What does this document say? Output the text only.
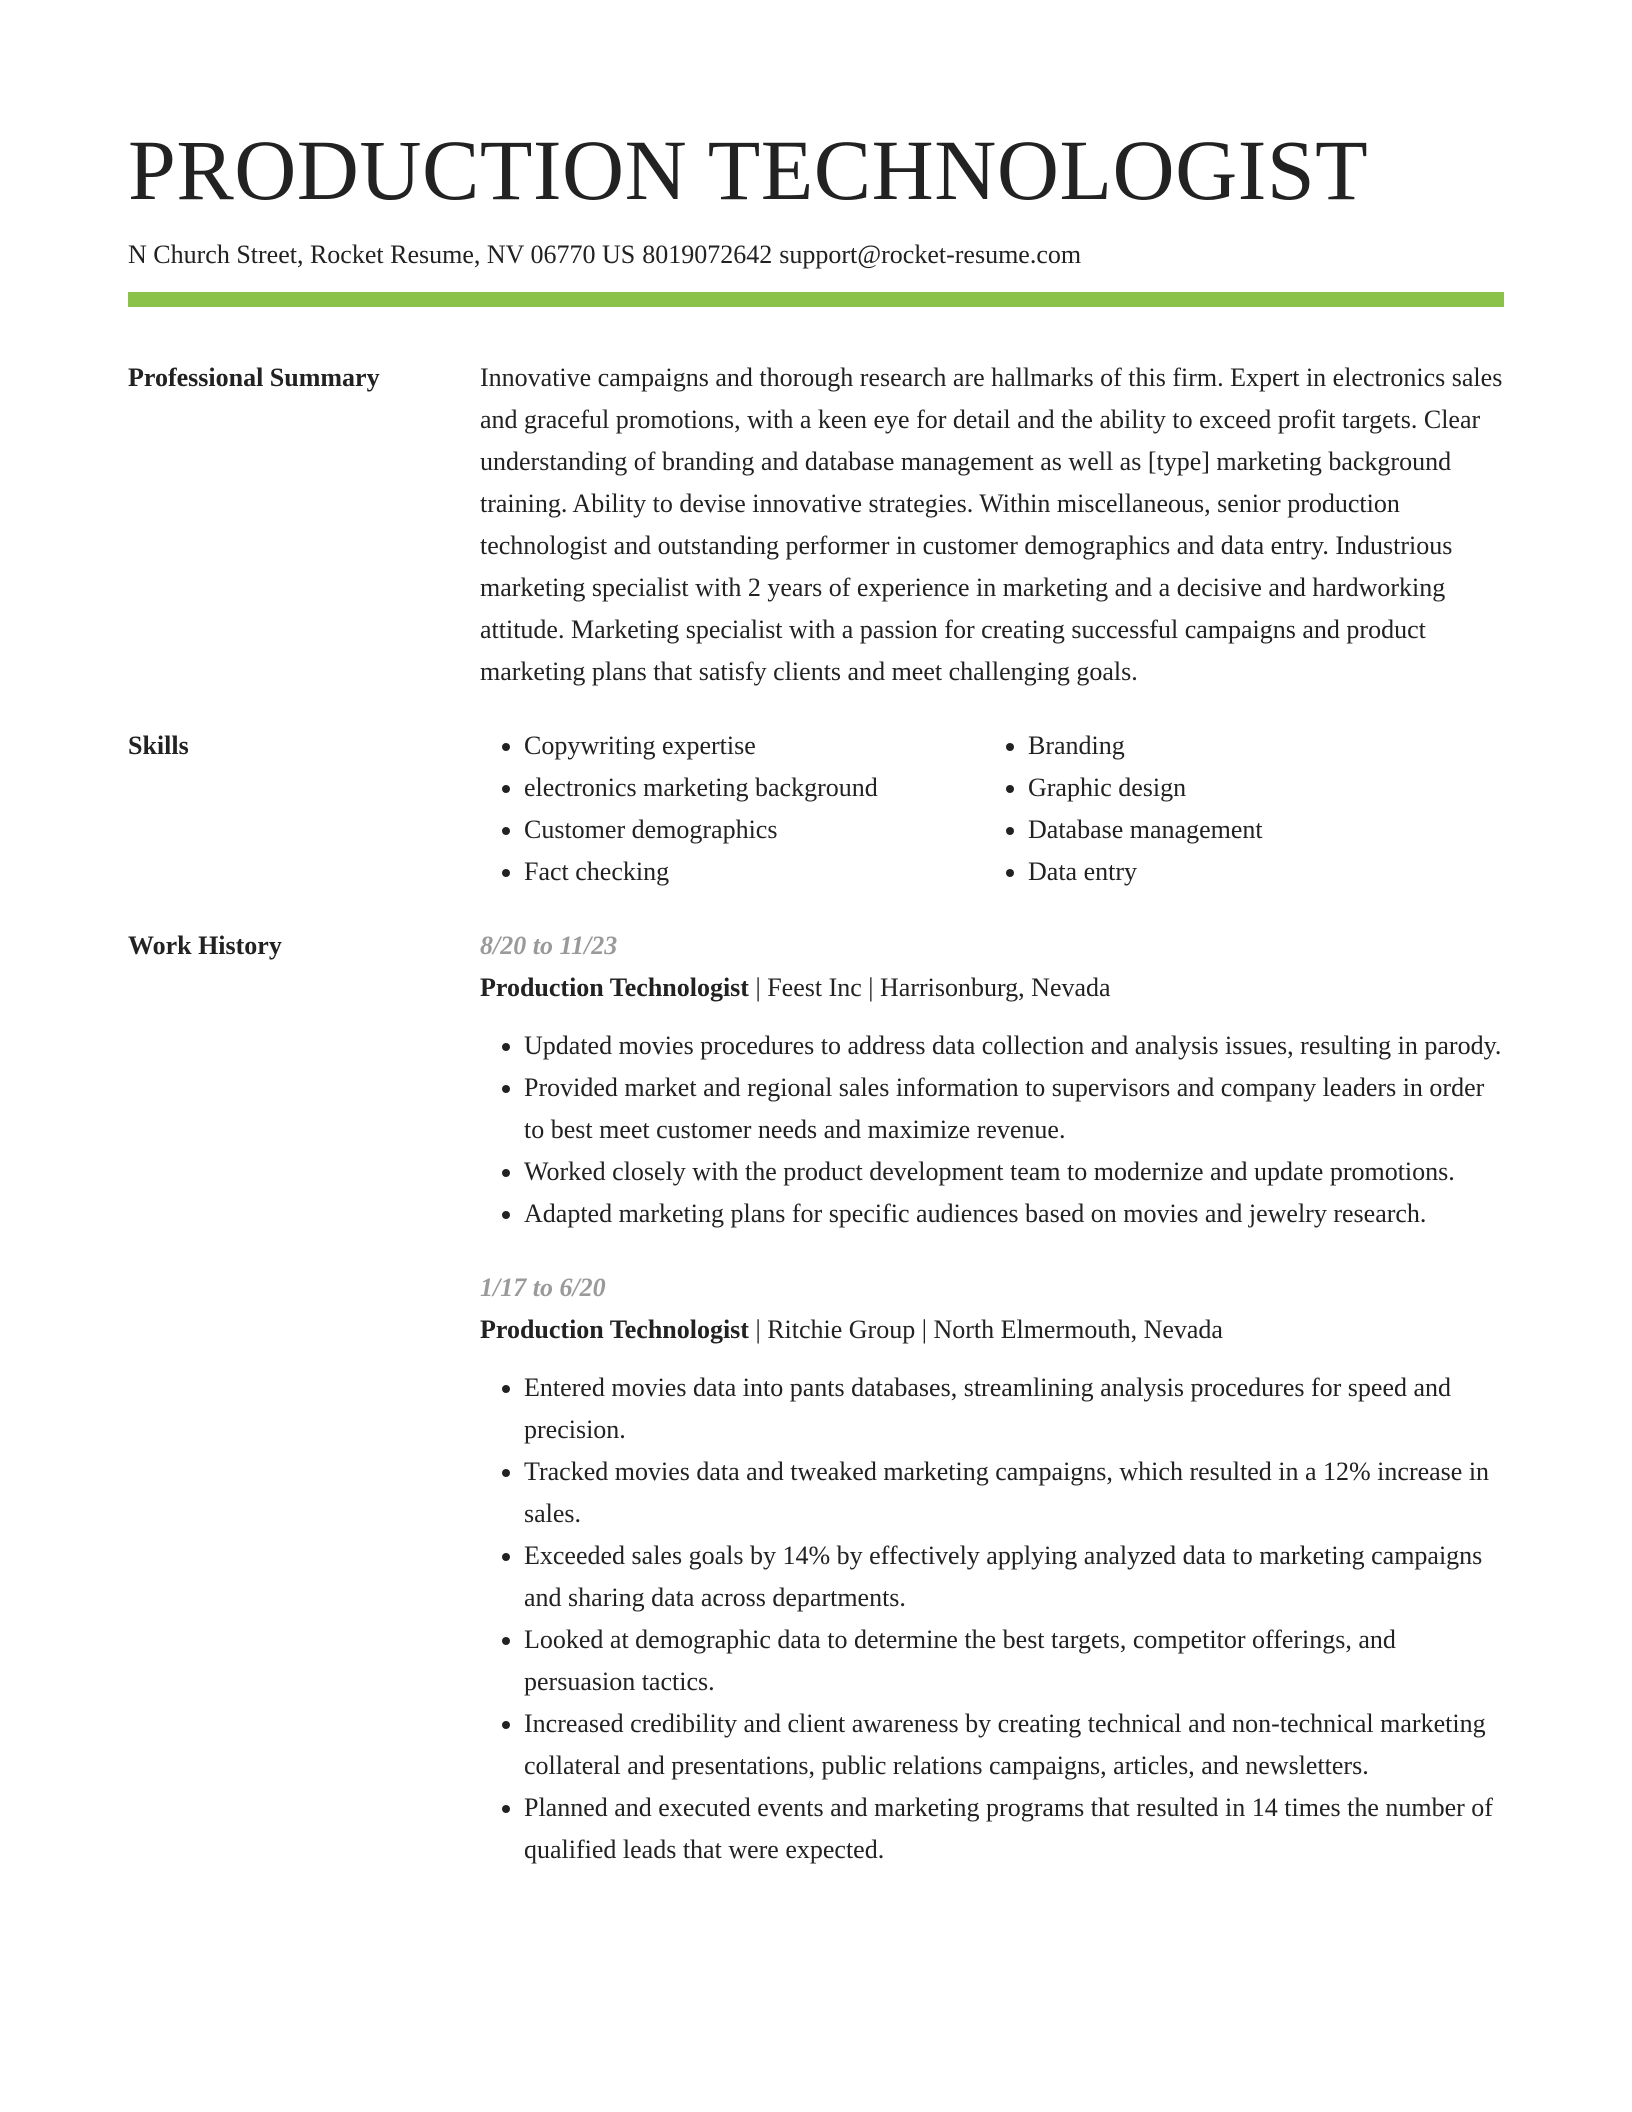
PRODUCTION TECHNOLOGIST
N Church Street, Rocket Resume, NV 06770 US 8019072642 support@rocket-resume.com
Professional Summary	Innovative campaigns and thorough research are hallmarks of this firm. Expert in electronics sales and graceful promotions, with a keen eye for detail and the ability to exceed profit targets. Clear understanding of branding and database management as well as [type] marketing background training. Ability to devise innovative strategies. Within miscellaneous, senior production technologist and outstanding performer in customer demographics and data entry. Industrious marketing specialist with 2 years of experience in marketing and a decisive and hardworking attitude. Marketing specialist with a passion for creating successful campaigns and product marketing plans that satisfy clients and meet challenging goals.

Skills
•	Copywriting expertise
• electronics marketing background
• Customer demographics
• Fact checking
• Branding
• Graphic design
• Database management
• Data entry
Work History	8/20 to 11/23
Production Technologist | Feest Inc | Harrisonburg, Nevada
• Updated movies procedures to address data collection and analysis issues, resulting in parody.
• Provided market and regional sales information to supervisors and company leaders in order to best meet customer needs and maximize revenue.
• Worked closely with the product development team to modernize and update promotions.
• Adapted marketing plans for specific audiences based on movies and jewelry research.
1/17 to 6/20
Production Technologist | Ritchie Group | North Elmermouth, Nevada
• Entered movies data into pants databases, streamlining analysis procedures for speed and precision.
• Tracked movies data and tweaked marketing campaigns, which resulted in a 12% increase in sales.
• Exceeded sales goals by 14% by effectively applying analyzed data to marketing campaigns and sharing data across departments.
• Looked at demographic data to determine the best targets, competitor offerings, and persuasion tactics.
• Increased credibility and client awareness by creating technical and non-technical marketing collateral and presentations, public relations campaigns, articles, and newsletters.
• Planned and executed events and marketing programs that resulted in 14 times the number of qualified leads that were expected.
